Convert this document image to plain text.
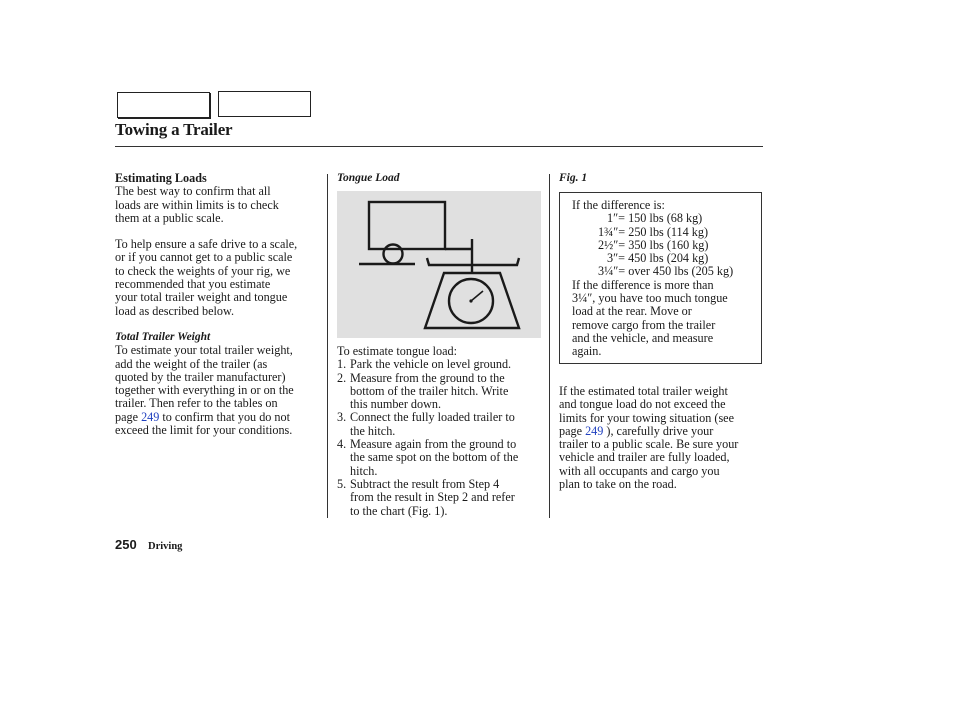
Towing a Trailer
Estimating Loads
The best way to confirm that all
loads are within limits is to check
them at a public scale.
To help ensure a safe drive to a scale,
or if you cannot get to a public scale
to check the weights of your rig, we
recommended that you estimate
your total trailer weight and tongue
load as described below.
Total Trailer Weight
To estimate your total trailer weight,
add the weight of the trailer (as
quoted by the trailer manufacturer)
together with everything in or on the
trailer. Then refer to the tables on
page 249 to confirm that you do not
exceed the limit for your conditions.
Tongue Load
To estimate tongue load:
1. Park the vehicle on level ground.
2. Measure from the ground to the
bottom of the trailer hitch. Write
this number down.
3. Connect the fully loaded trailer to
the hitch.
4. Measure again from the ground to
the same spot on the bottom of the
hitch.
5. Subtract the result from Step 4
from the result in Step 2 and refer
to the chart (Fig. 1).
Fig. 1
If the difference is:
1″= 150 lbs (68 kg)
1¾″= 250 lbs (114 kg)
2½″= 350 lbs (160 kg)
3″= 450 lbs (204 kg)
3¼″= over 450 lbs (205 kg)
If the difference is more than
3¼″, you have too much tongue
load at the rear. Move or
remove cargo from the trailer
and the vehicle, and measure
again.
If the estimated total trailer weight
and tongue load do not exceed the
limits for your towing situation (see
page 249 ), carefully drive your
trailer to a public scale. Be sure your
vehicle and trailer are fully loaded,
with all occupants and cargo you
plan to take on the road.
250 Driving
